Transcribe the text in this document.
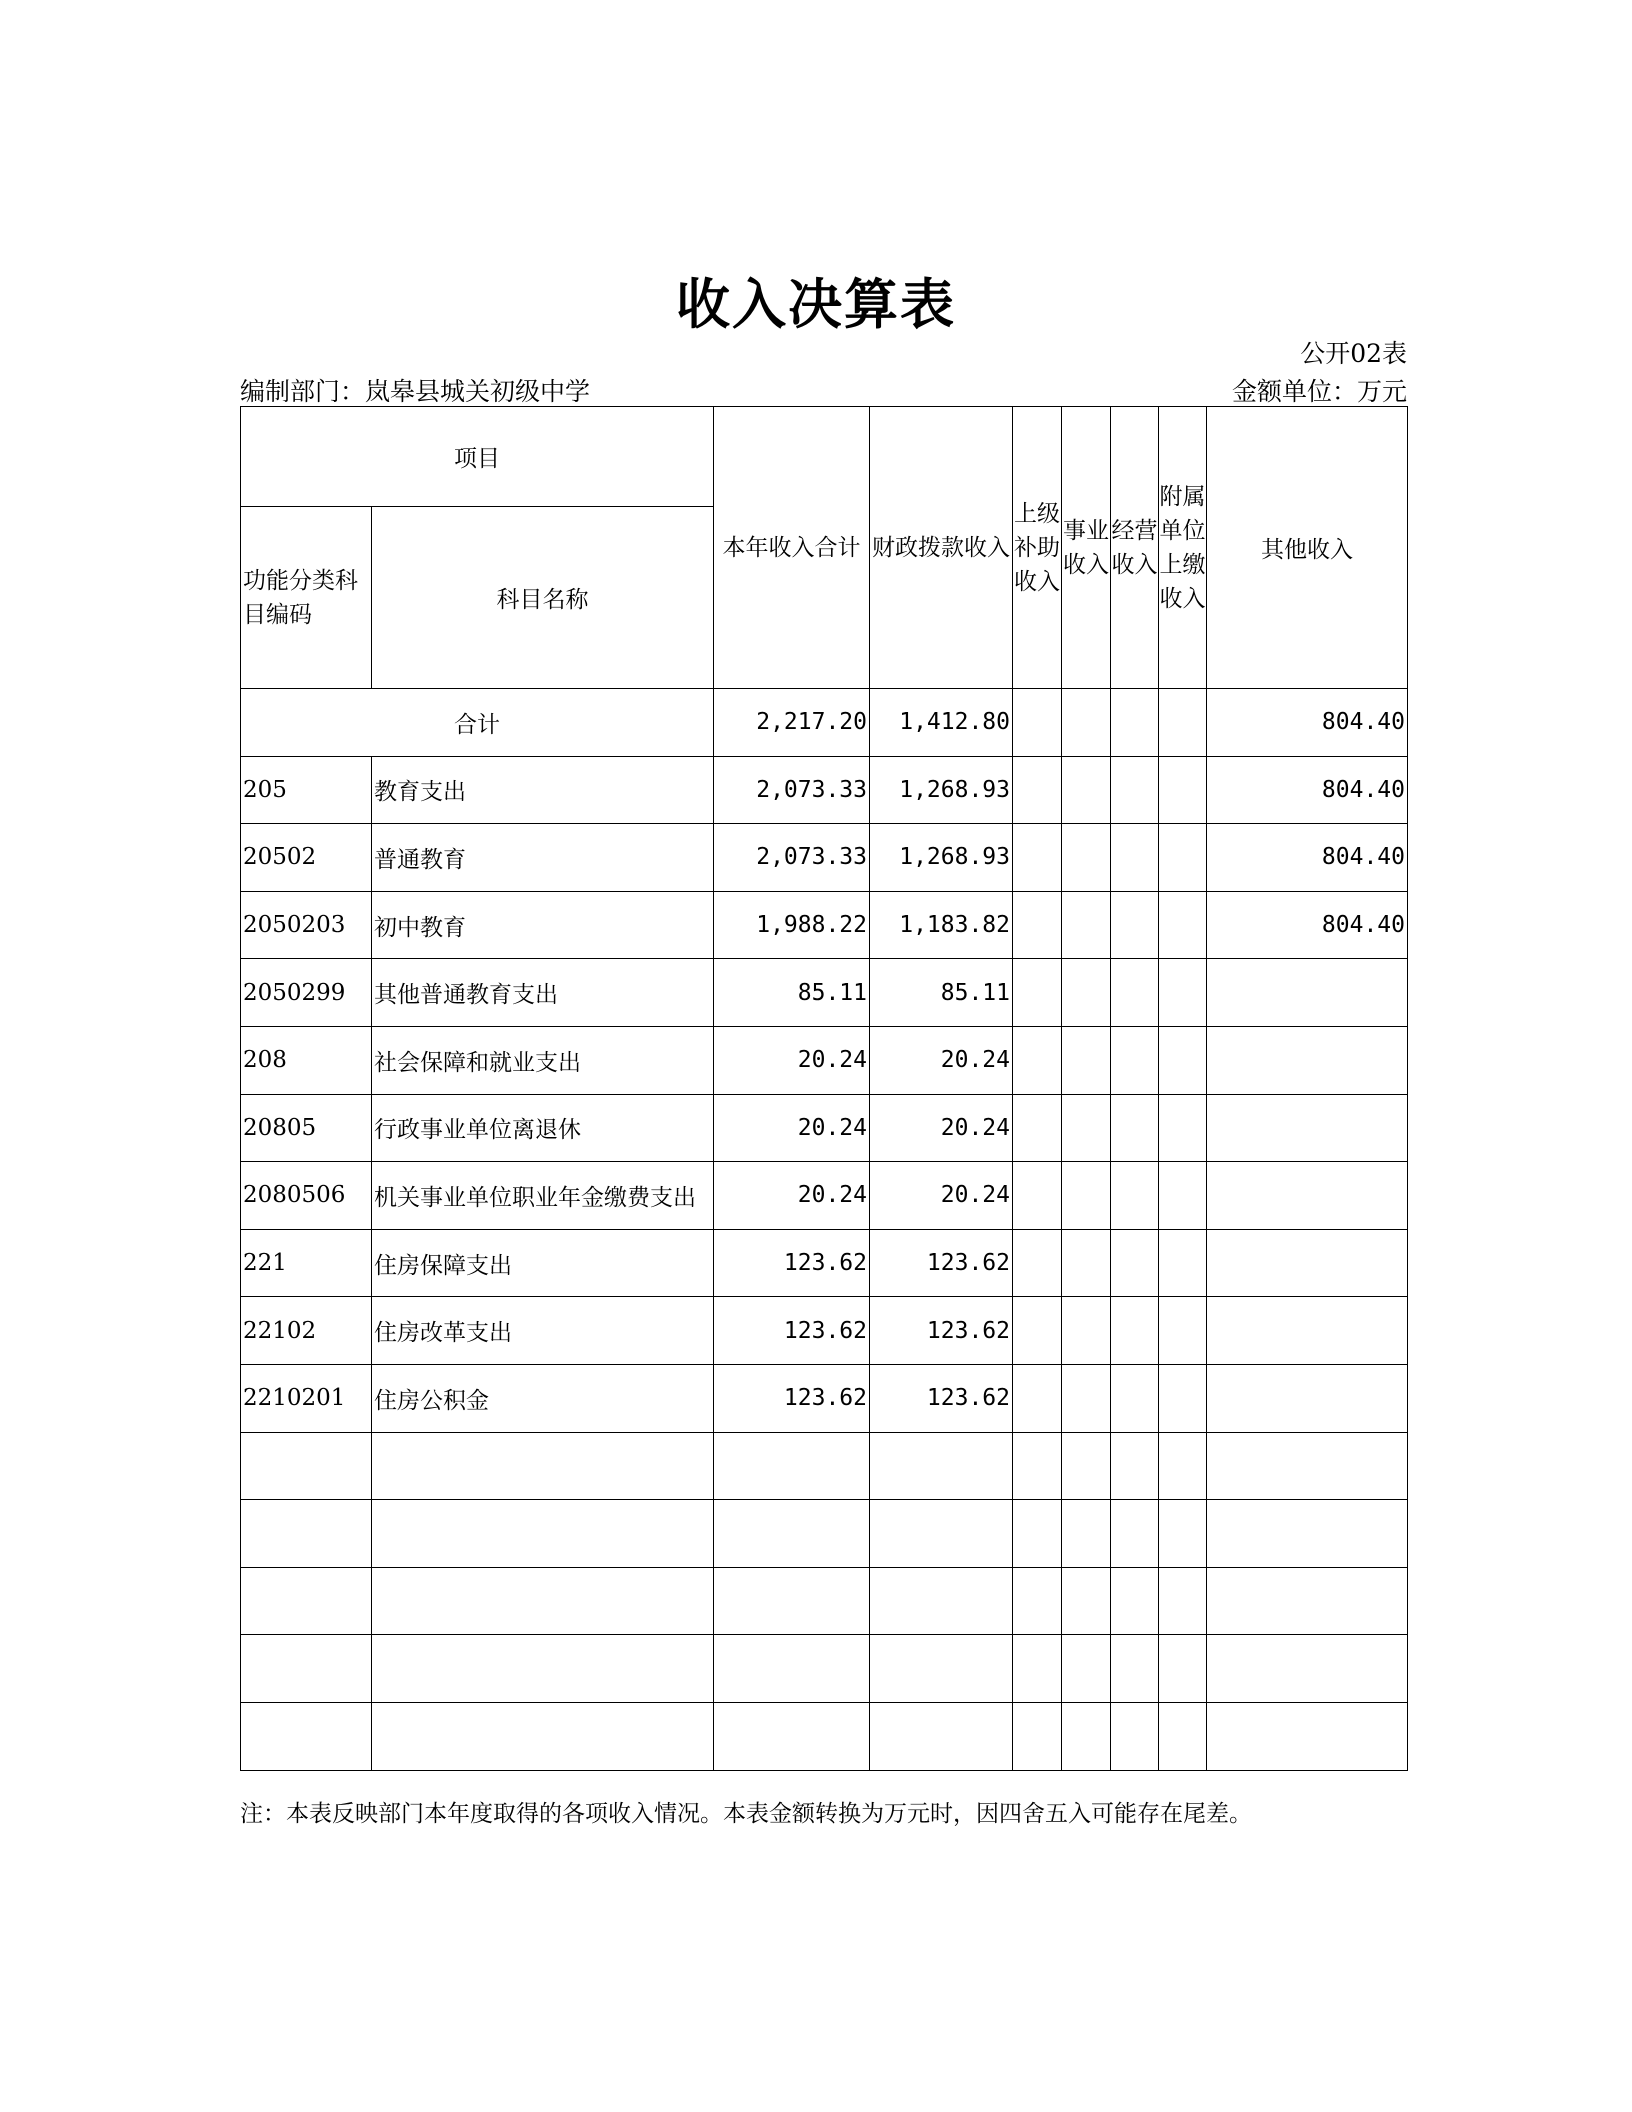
收入决算表
公开02表
编制部门：岚皋县城关初级中学	金额单位：万元
项目		本年收入合计	财政拨款收入	上级补助收入	事业收入	经营收入	附属单位上缴收入	其他收入
功能分类科目编码	科目名称							
合计		2,217.20	1,412.80					804.40
205	教育支出	2,073.33	1,268.93					804.40
20502	普通教育	2,073.33	1,268.93					804.40
2050203	初中教育	1,988.22	1,183.82					804.40
2050299	其他普通教育支出	85.11	85.11					
208	社会保障和就业支出	20.24	20.24					
20805	行政事业单位离退休	20.24	20.24					
2080506	机关事业单位职业年金缴费支出	20.24	20.24					
221	住房保障支出	123.62	123.62					
22102	住房改革支出	123.62	123.62					
2210201	住房公积金	123.62	123.62					

注：本表反映部门本年度取得的各项收入情况。本表金额转换为万元时，因四舍五入可能存在尾差。
